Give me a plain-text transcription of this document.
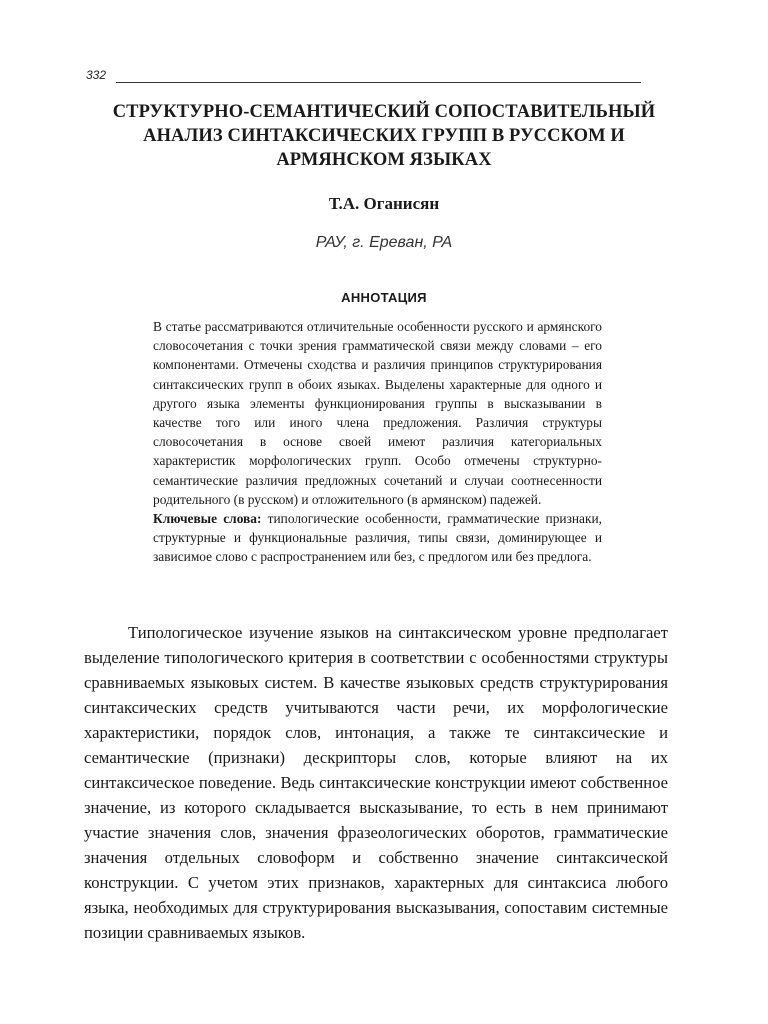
332
СТРУКТУРНО-СЕМАНТИЧЕСКИЙ СОПОСТАВИТЕЛЬНЫЙ
АНАЛИЗ СИНТАКСИЧЕСКИХ ГРУПП В РУССКОМ И
АРМЯНСКОМ ЯЗЫКАХ
Т.А. Оганисян
РАУ, г. Ереван, РА
АННОТАЦИЯ

В статье рассматриваются отличительные особенности русского и армянского словосочетания с точки зрения грамматической связи между словами – его компонентами. Отмечены сходства и различия принципов структурирования синтаксических групп в обоих языках. Выделены характерные для одного и другого языка элементы функционирования группы в высказывании в качестве того или иного члена предложения. Различия структуры словосочетания в основе своей имеют различия категориальных характеристик морфологических групп. Особо отмечены структурно-семантические различия предложных сочетаний и случаи соотнесенности родительного (в русском) и отложительного (в армянском) падежей.

Ключевые слова: типологические особенности, грамматические признаки, структурные и функциональные различия, типы связи, доминирующее и зависимое слово с распространением или без, с предлогом или без предлога.

Типологическое изучение языков на синтаксическом уровне предполагает выделение типологического критерия в соответствии с особенностями структуры сравниваемых языковых систем. В качестве языковых средств структурирования синтаксических средств учитываются части речи, их морфологические характеристики, порядок слов, интонация, а также те синтаксические и семантические (признаки) дескрипторы слов, которые влияют на их синтаксическое поведение. Ведь синтаксические конструкции имеют собственное значение, из которого складывается высказывание, то есть в нем принимают участие значения слов, значения фразеологических оборотов, грамматические значения отдельных словоформ и собственно значение синтаксической конструкции. С учетом этих признаков, характерных для синтаксиса любого языка, необходимых для структурирования высказывания, сопоставим системные позиции сравниваемых языков.
